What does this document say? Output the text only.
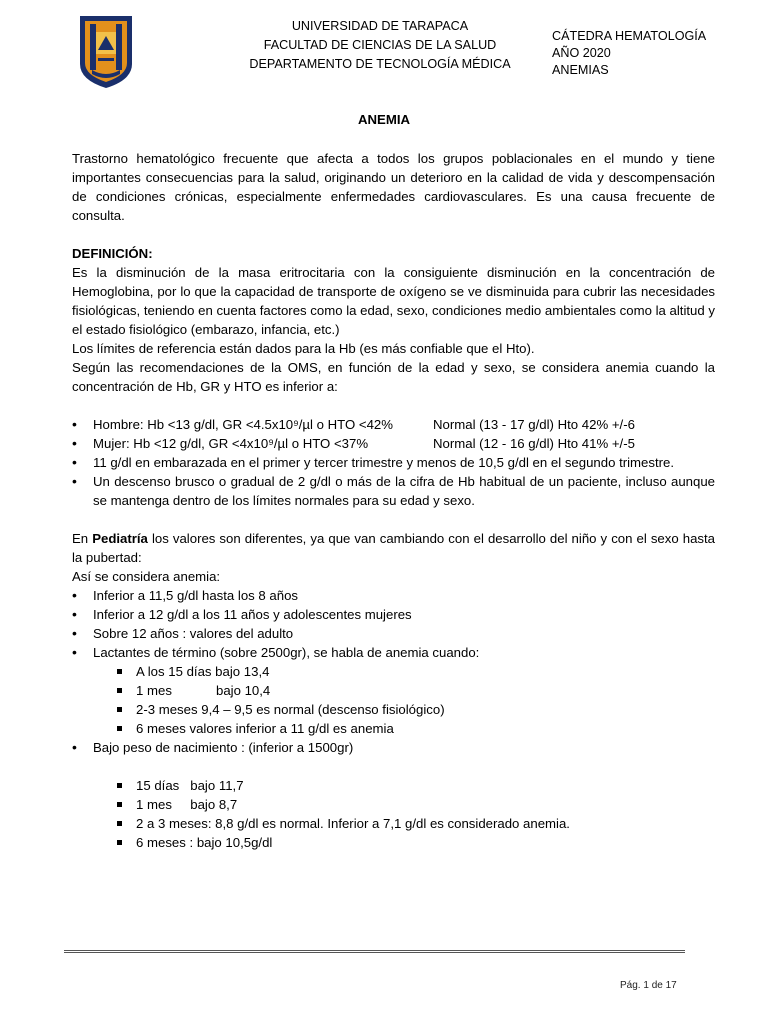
UNIVERSIDAD DE TARAPACA
FACULTAD DE CIENCIAS DE LA SALUD
DEPARTAMENTO DE TECNOLOGÍA MÉDICA
CÁTEDRA HEMATOLOGÍA
AÑO 2020
ANEMIAS
ANEMIA

Trastorno hematológico frecuente que afecta a todos los grupos poblacionales en el mundo y tiene importantes consecuencias para la salud, originando un deterioro en la calidad de vida y descompensación de condiciones crónicas, especialmente enfermedades cardiovasculares. Es una causa frecuente de consulta.

DEFINICIÓN:

Es la disminución de la masa eritrocitaria con la consiguiente disminución en la concentración de Hemoglobina, por lo que la capacidad de transporte de oxígeno se ve disminuida para cubrir las necesidades fisiológicas, teniendo en cuenta factores como la edad, sexo, condiciones medio ambientales como la altitud y el estado fisiológico (embarazo, infancia, etc.)

Los límites de referencia están dados para la Hb (es más confiable que el Hto).

Según las recomendaciones de la OMS, en función de la edad y sexo, se considera anemia cuando la concentración de Hb, GR y HTO es inferior a:

• Hombre: Hb <13 g/dl, GR <4.5x10⁹/µl o HTO <42%	Normal (13 - 17 g/dl) Hto 42% +/-6
• Mujer: Hb <12 g/dl, GR <4x10⁹/µl o HTO <37%	Normal (12 - 16 g/dl) Hto 41% +/-5
• 11 g/dl en embarazada en el primer y tercer trimestre y menos de 10,5 g/dl en el segundo trimestre.
• Un descenso brusco o gradual de 2 g/dl o más de la cifra de Hb habitual de un paciente, incluso aunque se mantenga dentro de los límites normales para su edad y sexo.

En Pediatría los valores son diferentes, ya que van cambiando con el desarrollo del niño y con el sexo hasta la pubertad:

Así se considera anemia:

• Inferior a 11,5 g/dl hasta los 8 años
• Inferior a 12 g/dl a los 11 años y adolescentes mujeres
• Sobre 12 años : valores del adulto
• Lactantes de término (sobre 2500gr), se habla de anemia cuando:
A los 15 días bajo 13,4
1 mes	bajo 10,4
2-3 meses 9,4 – 9,5 es normal (descenso fisiológico)
6 meses valores inferior a 11 g/dl es anemia
• Bajo peso de nacimiento : (inferior a 1500gr)
15 días   bajo 11,7
1 mes     bajo 8,7
2 a 3 meses: 8,8 g/dl es normal. Inferior a 7,1 g/dl es considerado anemia.
6 meses : bajo 10,5g/dl
Pág. 1 de 17
